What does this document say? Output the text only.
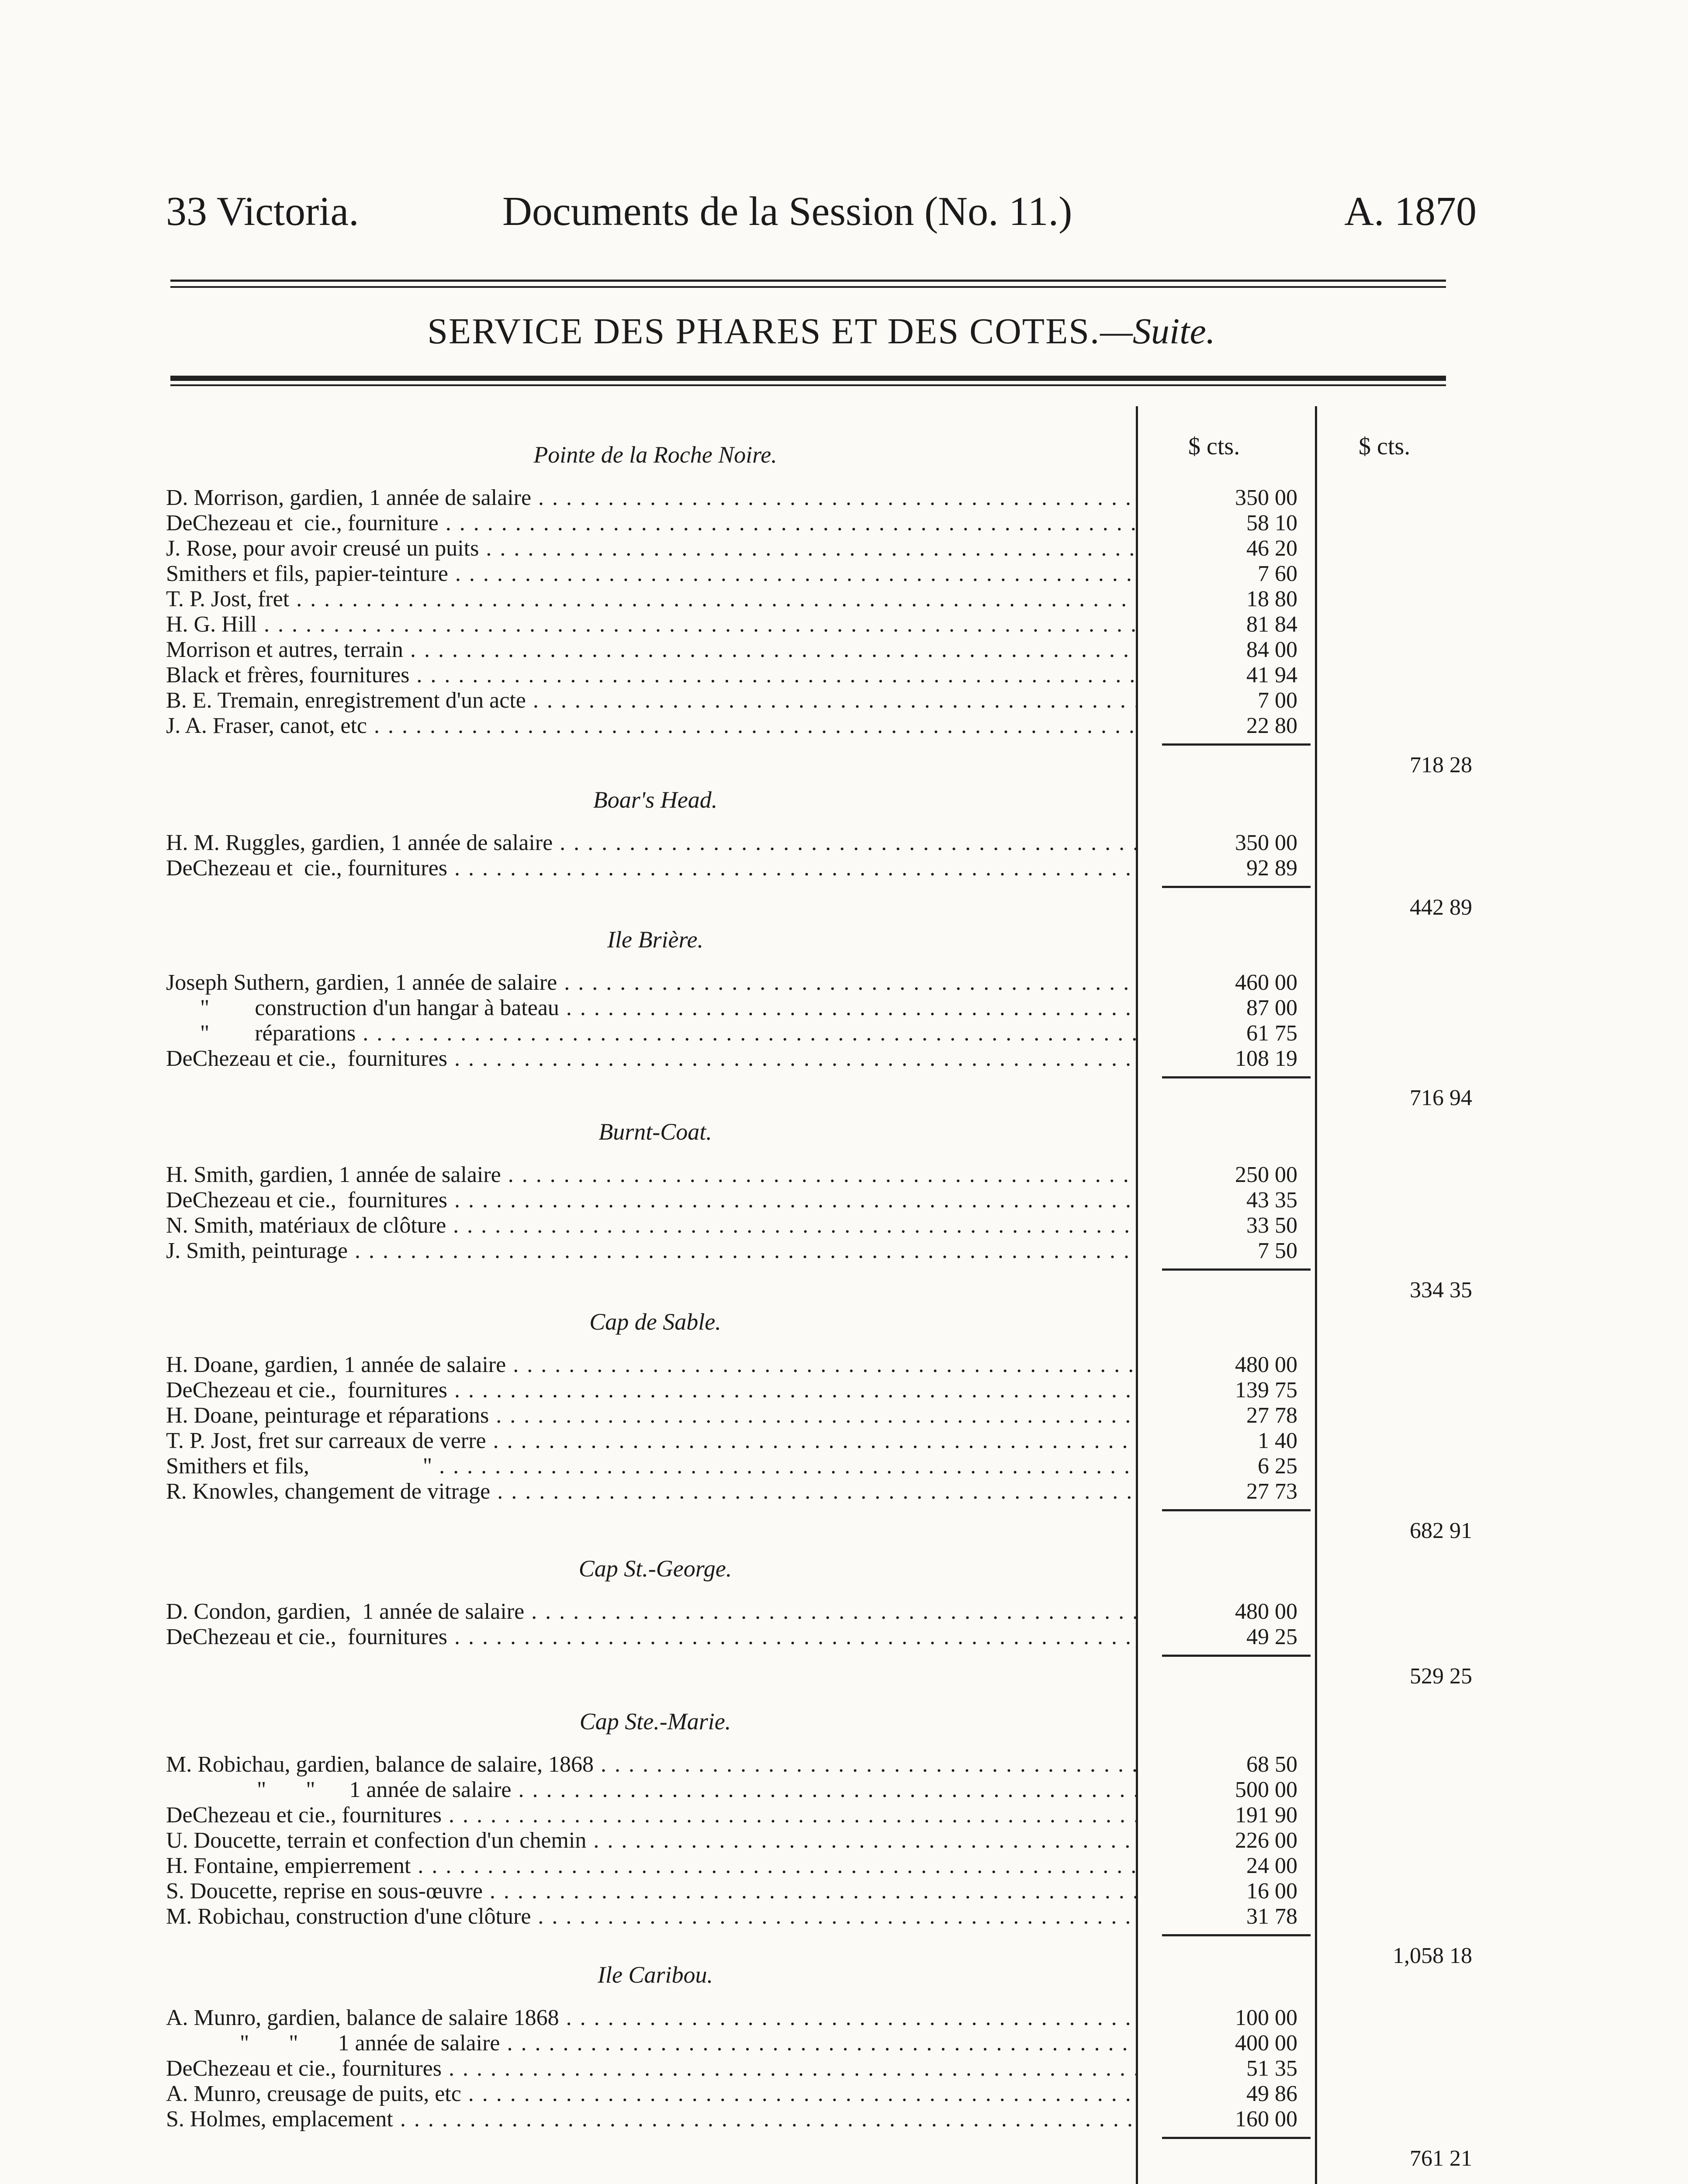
33 Victoria.	Documents de la Session (No. 11.)	A. 1870
SERVICE DES PHARES ET DES COTES.—Suite.
$ cts.	$ cts.
Pointe de la Roche Noire.
D. Morrison, gardien, 1 année de salaire . . .	350 00
DeChezeau et  cie., fourniture . . .	58 10
J. Rose, pour avoir creusé un puits . . .	46 20
Smithers et fils, papier-teinture . . .	7 60
T. P. Jost, fret . . .	18 80
H. G. Hill . . .	81 84
Morrison et autres, terrain . . .	84 00
Black et frères, fournitures . . .	41 94
B. E. Tremain, enregistrement d'un acte . . .	7 00
J. A. Fraser, canot, etc . . .	22 80
718 28
Boar's Head.
H. M. Ruggles, gardien, 1 année de salaire . . .	350 00
DeChezeau et  cie., fournitures . . .	92 89
442 89
Ile Brière.
Joseph Suthern, gardien, 1 année de salaire . . .	460 00
"        construction d'un hangar à bateau . . .	87 00
"        réparations . . .	61 75
DeChezeau et cie.,  fournitures . . .	108 19
716 94
Burnt-Coat.
H. Smith, gardien, 1 année de salaire . . .	250 00
DeChezeau et cie.,  fournitures . . .	43 35
N. Smith, matériaux de clôture . . .	33 50
J. Smith, peinturage . . .	7 50
334 35
Cap de Sable.
H. Doane, gardien, 1 année de salaire . . .	480 00
DeChezeau et cie.,  fournitures . . .	139 75
H. Doane, peinturage et réparations . . .	27 78
T. P. Jost, fret sur carreaux de verre . . .	1 40
Smithers et fils,                    " . . .	6 25
R. Knowles, changement de vitrage . . .	27 73
682 91
Cap St.-George.
D. Condon, gardien,  1 année de salaire . . .	480 00
DeChezeau et cie.,  fournitures . . .	49 25
529 25
Cap Ste.-Marie.
M. Robichau, gardien, balance de salaire, 1868 . . .	68 50
"       "      1 année de salaire . . .	500 00
DeChezeau et cie., fournitures . . .	191 90
U. Doucette, terrain et confection d'un chemin . . .	226 00
H. Fontaine, empierrement . . .	24 00
S. Doucette, reprise en sous-œuvre . . .	16 00
M. Robichau, construction d'une clôture . . .	31 78
1,058 18
Ile Caribou.
A. Munro, gardien, balance de salaire 1868 . . .	100 00
"       "       1 année de salaire . . .	400 00
DeChezeau et cie., fournitures . . .	51 35
A. Munro, creusage de puits, etc . . .	49 86
S. Holmes, emplacement . . .	160 00
761 21
